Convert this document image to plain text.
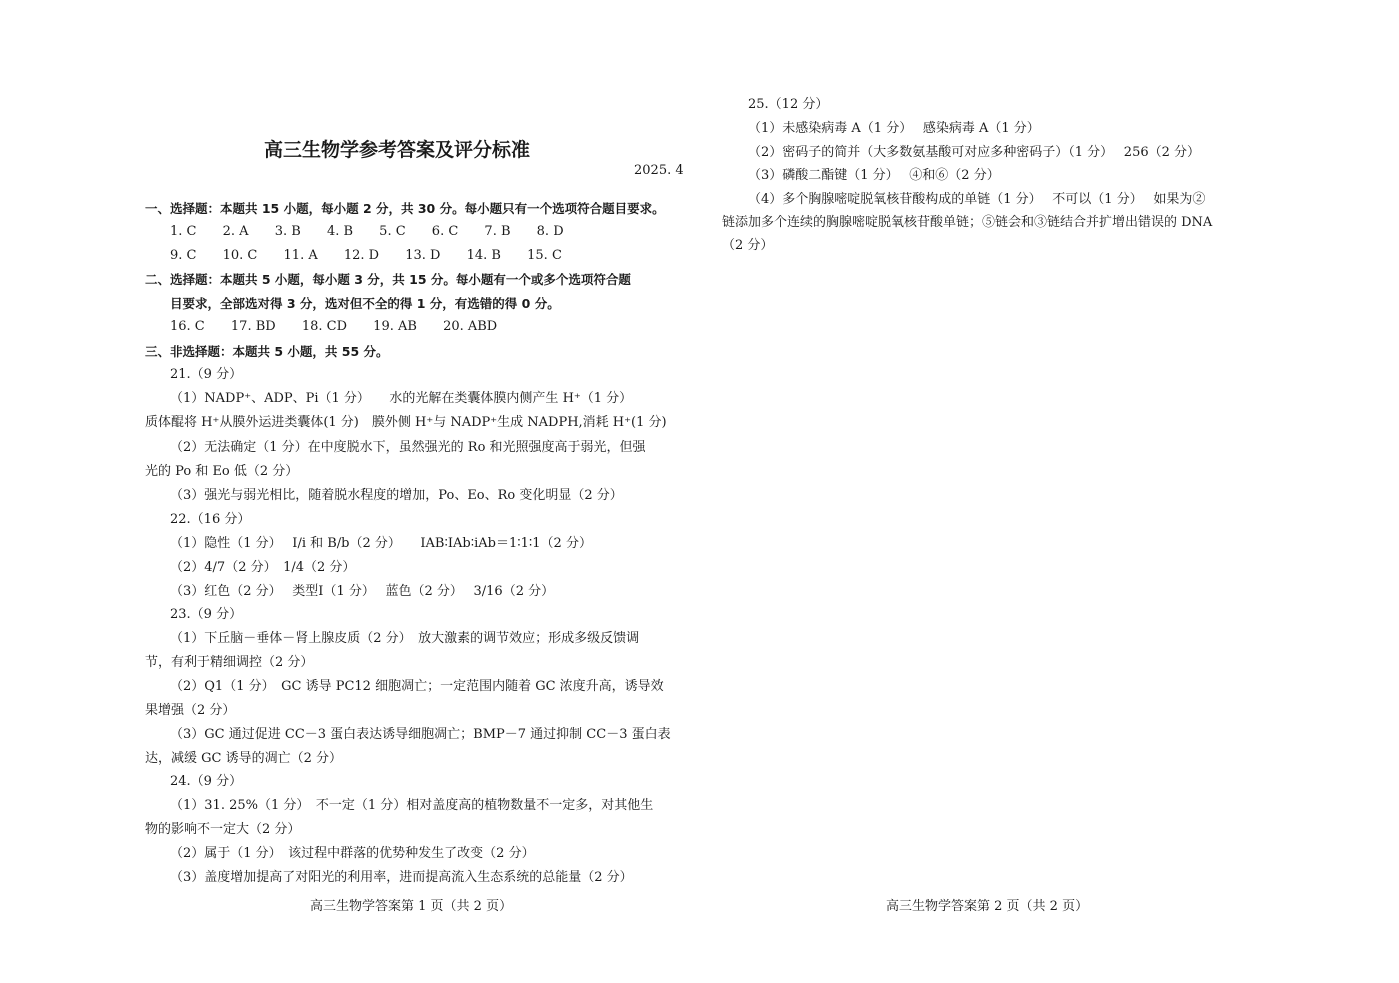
高三生物学参考答案及评分标准
2025. 4
一、选择题：本题共 15 小题，每小题 2 分，共 30 分。每小题只有一个选项符合题目要求。
1. C 2. A 3. B 4. B 5. C 6. C 7. B 8. D
9. C 10. C 11. A 12. D 13. D 14. B 15. C
二、选择题：本题共 5 小题，每小题 3 分，共 15 分。每小题有一个或多个选项符合题
目要求，全部选对得 3 分，选对但不全的得 1 分，有选错的得 0 分。
16. C 17. BD 18. CD 19. AB 20. ABD
三、非选择题：本题共 5 小题，共 55 分。
21.（9 分）
（1）NADP⁺、ADP、Pi（1 分）　　水的光解在类囊体膜内侧产生 H⁺（1 分）
质体醌将 H⁺从膜外运进类囊体(1 分)　膜外侧 H⁺与 NADP⁺生成 NADPH,消耗 H⁺(1 分)
（2）无法确定（1 分）在中度脱水下，虽然强光的 Ro 和光照强度高于弱光，但强
光的 Po 和 Eo 低（2 分）
（3）强光与弱光相比，随着脱水程度的增加，Po、Eo、Ro 变化明显（2 分）
22.（16 分）
（1）隐性（1 分）　 I/i 和 B/b（2 分）　　IAB∶IAb∶iAb＝1∶1∶1（2 分）
（2）4/7（2 分）　1/4（2 分）
（3）红色（2 分）　 类型Ⅰ（1 分）　 蓝色（2 分）　 3/16（2 分）
23.（9 分）
（1）下丘脑－垂体－肾上腺皮质（2 分）　放大激素的调节效应；形成多级反馈调
节，有利于精细调控（2 分）
（2）Q1（1 分）　GC 诱导 PC12 细胞凋亡；一定范围内随着 GC 浓度升高，诱导效
果增强（2 分）
（3）GC 通过促进 CC－3 蛋白表达诱导细胞凋亡；BMP－7 通过抑制 CC－3 蛋白表
达，减缓 GC 诱导的凋亡（2 分）
24.（9 分）
（1）31. 25%（1 分）　不一定（1 分）相对盖度高的植物数量不一定多，对其他生
物的影响不一定大（2 分）
（2）属于（1 分）　该过程中群落的优势种发生了改变（2 分）
（3）盖度增加提高了对阳光的利用率，进而提高流入生态系统的总能量（2 分）
高三生物学答案第 1 页（共 2 页）
25.（12 分）
（1）未感染病毒 A（1 分）　 感染病毒 A（1 分）
（2）密码子的简并（大多数氨基酸可对应多种密码子）（1 分）　 256（2 分）
（3）磷酸二酯键（1 分）　 ④和⑥（2 分）
（4）多个胸腺嘧啶脱氧核苷酸构成的单链（1 分）　 不可以（1 分）　 如果为②
链添加多个连续的胸腺嘧啶脱氧核苷酸单链；⑤链会和③链结合并扩增出错误的 DNA
（2 分）
高三生物学答案第 2 页（共 2 页）
